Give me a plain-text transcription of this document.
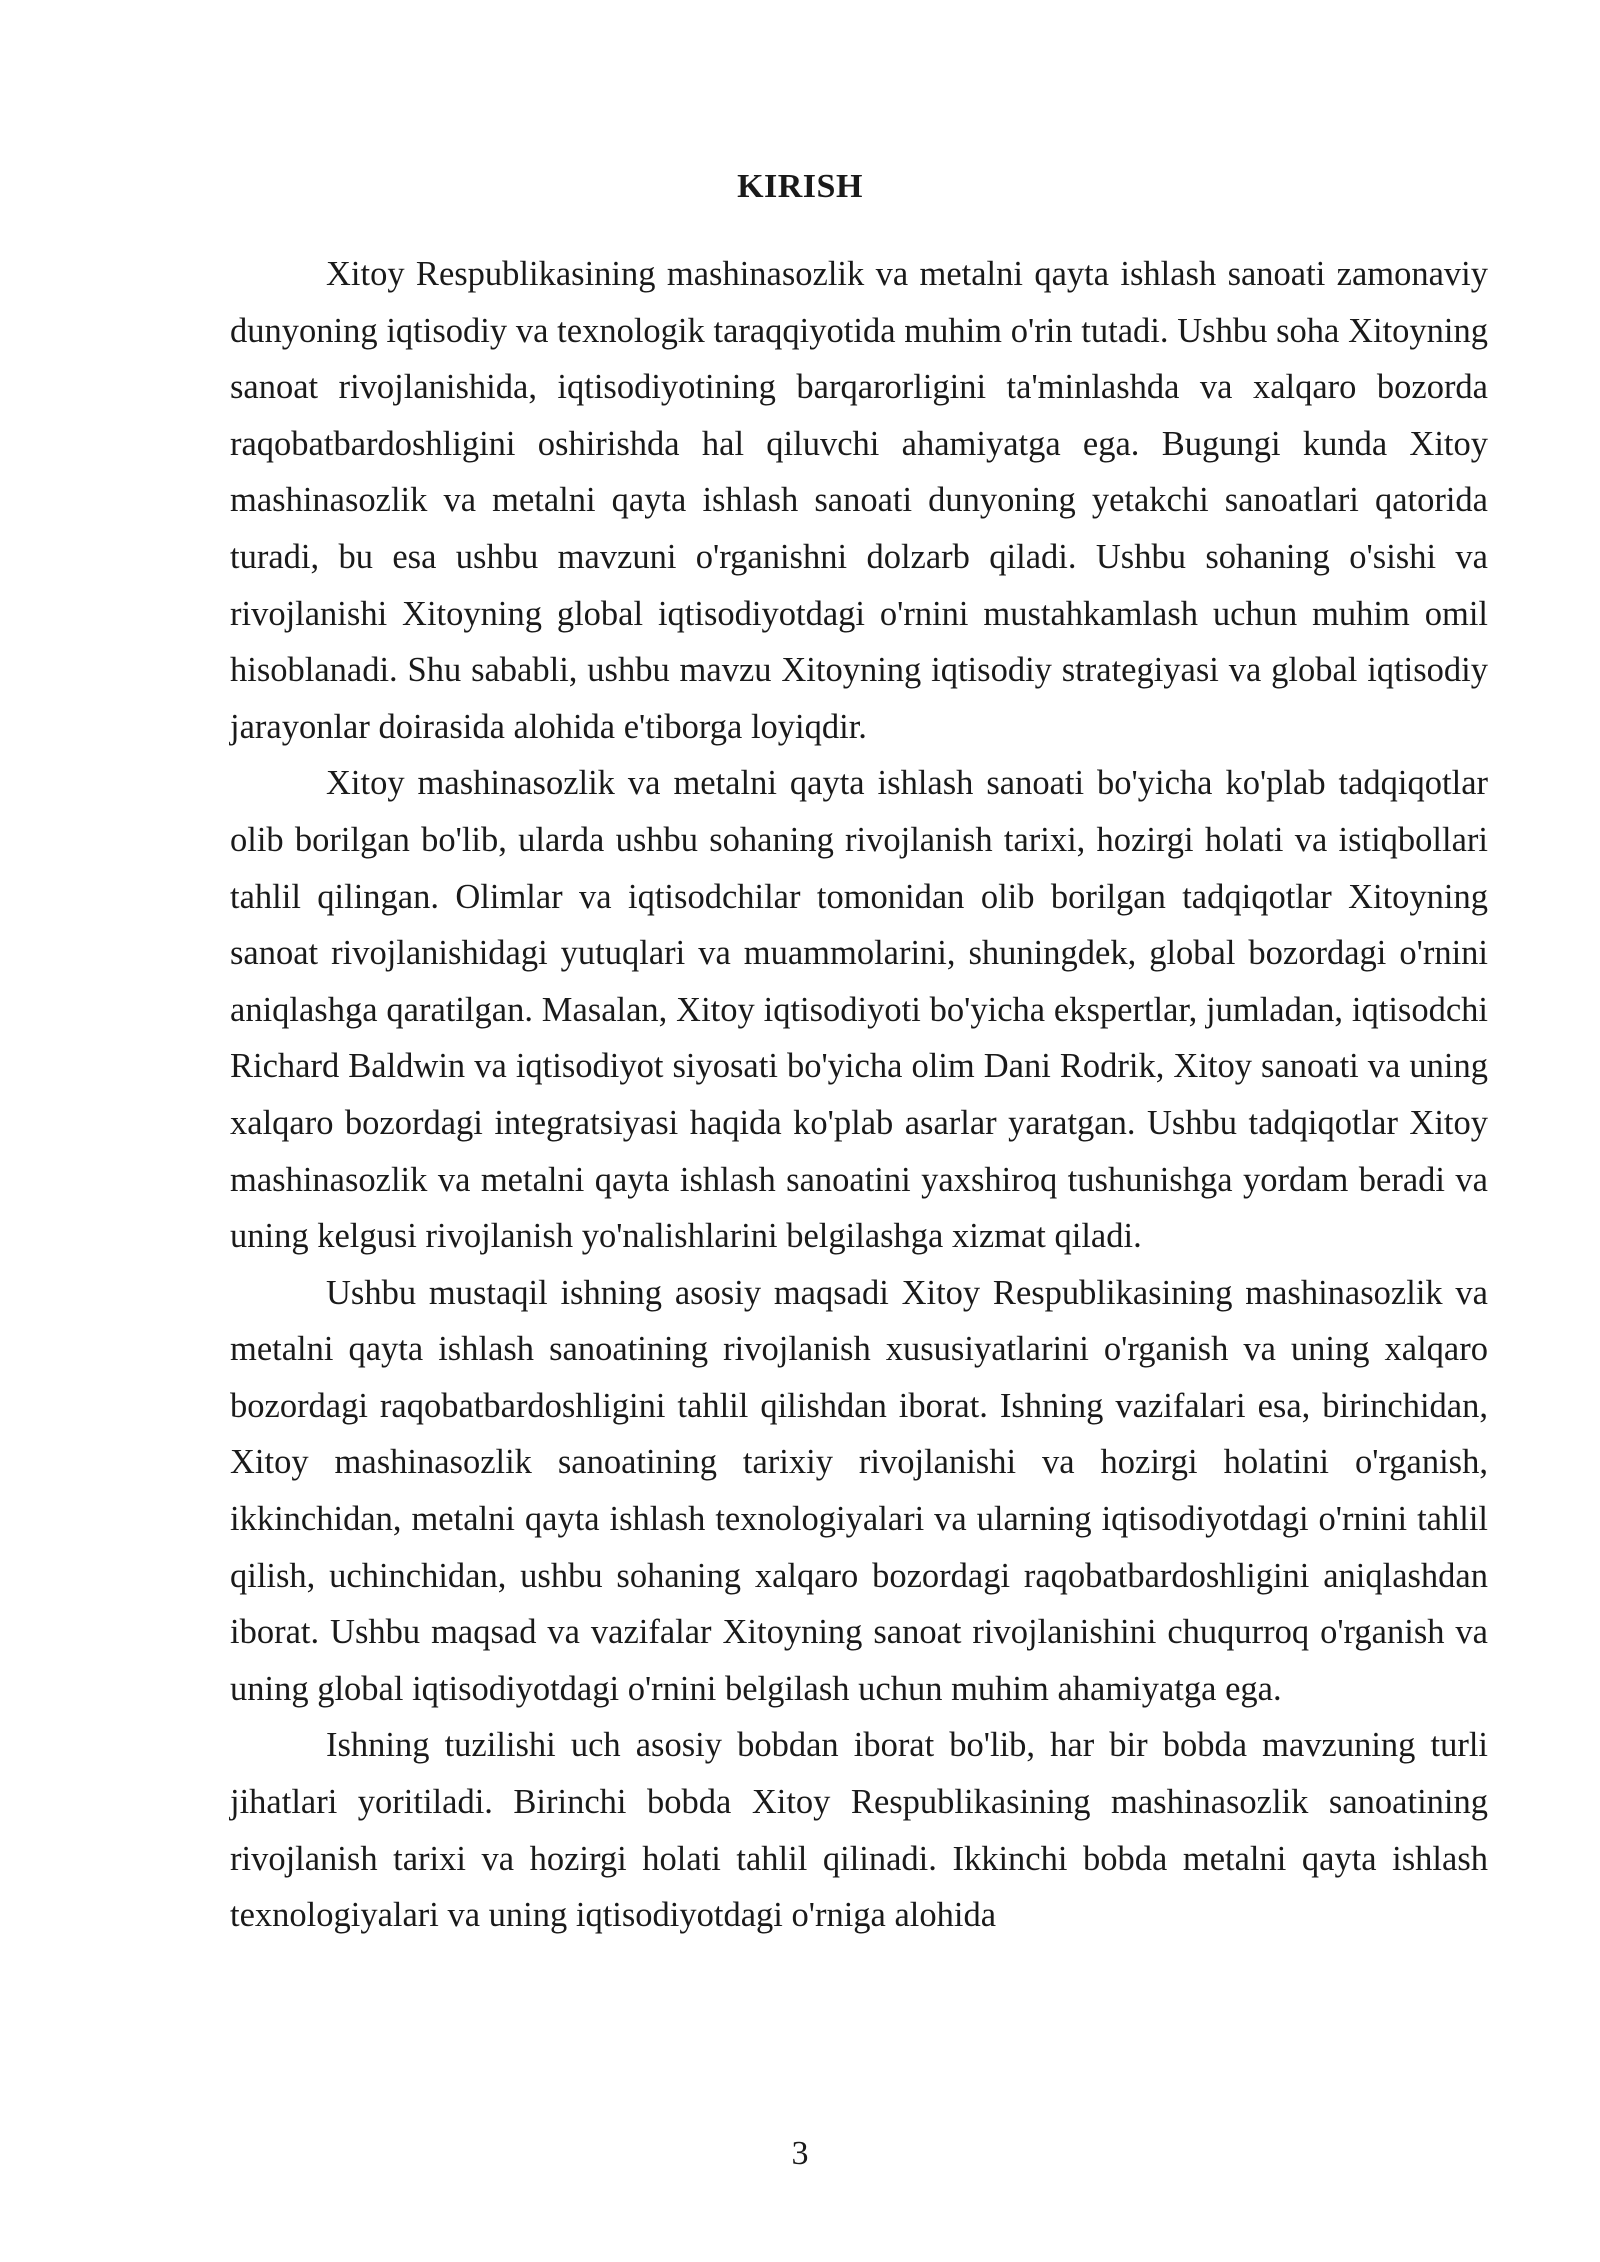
KIRISH

Xitoy Respublikasining mashinasozlik va metalni qayta ishlash sanoati zamonaviy dunyoning iqtisodiy va texnologik taraqqiyotida muhim o'rin tutadi. Ushbu soha Xitoyning sanoat rivojlanishida, iqtisodiyotining barqarorligini ta'minlashda va xalqaro bozorda raqobatbardoshligini oshirishda hal qiluvchi ahamiyatga ega. Bugungi kunda Xitoy mashinasozlik va metalni qayta ishlash sanoati dunyoning yetakchi sanoatlari qatorida turadi, bu esa ushbu mavzuni o'rganishni dolzarb qiladi. Ushbu sohaning o'sishi va rivojlanishi Xitoyning global iqtisodiyotdagi o'rnini mustahkamlash uchun muhim omil hisoblanadi. Shu sababli, ushbu mavzu Xitoyning iqtisodiy strategiyasi va global iqtisodiy jarayonlar doirasida alohida e'tiborga loyiqdir.

Xitoy mashinasozlik va metalni qayta ishlash sanoati bo'yicha ko'plab tadqiqotlar olib borilgan bo'lib, ularda ushbu sohaning rivojlanish tarixi, hozirgi holati va istiqbollari tahlil qilingan. Olimlar va iqtisodchilar tomonidan olib borilgan tadqiqotlar Xitoyning sanoat rivojlanishidagi yutuqlari va muammolarini, shuningdek, global bozordagi o'rnini aniqlashga qaratilgan. Masalan, Xitoy iqtisodiyoti bo'yicha ekspertlar, jumladan, iqtisodchi Richard Baldwin va iqtisodiyot siyosati bo'yicha olim Dani Rodrik, Xitoy sanoati va uning xalqaro bozordagi integratsiyasi haqida ko'plab asarlar yaratgan. Ushbu tadqiqotlar Xitoy mashinasozlik va metalni qayta ishlash sanoatini yaxshiroq tushunishga yordam beradi va uning kelgusi rivojlanish yo'nalishlarini belgilashga xizmat qiladi.

Ushbu mustaqil ishning asosiy maqsadi Xitoy Respublikasining mashinasozlik va metalni qayta ishlash sanoatining rivojlanish xususiyatlarini o'rganish va uning xalqaro bozordagi raqobatbardoshligini tahlil qilishdan iborat. Ishning vazifalari esa, birinchidan, Xitoy mashinasozlik sanoatining tarixiy rivojlanishi va hozirgi holatini o'rganish, ikkinchidan, metalni qayta ishlash texnologiyalari va ularning iqtisodiyotdagi o'rnini tahlil qilish, uchinchidan, ushbu sohaning xalqaro bozordagi raqobatbardoshligini aniqlashdan iborat. Ushbu maqsad va vazifalar Xitoyning sanoat rivojlanishini chuqurroq o'rganish va uning global iqtisodiyotdagi o'rnini belgilash uchun muhim ahamiyatga ega.

Ishning tuzilishi uch asosiy bobdan iborat bo'lib, har bir bobda mavzuning turli jihatlari yoritiladi. Birinchi bobda Xitoy Respublikasining mashinasozlik sanoatining rivojlanish tarixi va hozirgi holati tahlil qilinadi. Ikkinchi bobda metalni qayta ishlash texnologiyalari va uning iqtisodiyotdagi o'rniga alohida

3
